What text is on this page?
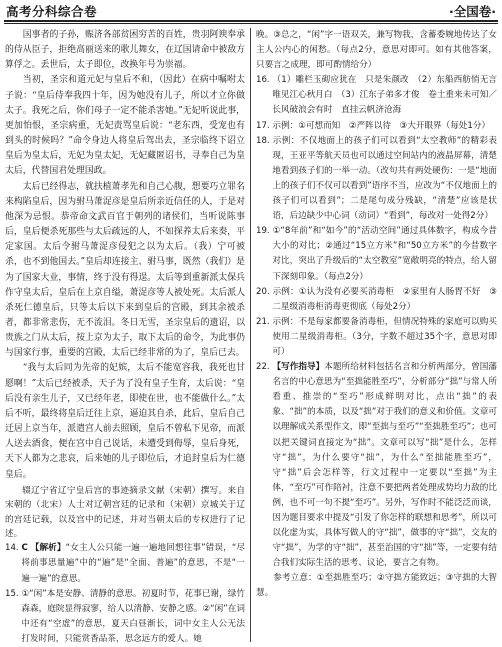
高考分科综合卷	·全国卷·

国事者的子孙，赈济各部贫困穷苦的百姓，贵羽阿谀奉承的侍从臣子，拒绝高丽送来的歌儿舞女，在辽国请命中被敌方算俘之。丢世后，太子即位，改换年号为崇福。

当初，圣宗和道元妃与皇后不和，（因此）在病中嘱咐太子说：“皇后侍奉我四十年，因为她没有儿子，所以才立你做太子。我死之后，你们母子一定不能杀害她。”无妃听说此事，更加怕恨，圣宗病重，无妃责骂皇后说：“老东西，受宠也有到头的时候吗？”命令身边人将皇后驾出去，圣宗临终下诏立皇后为皇太后，无妃为皇太妃，无妃藏匿诏书，寻奉自己为皇太后，代替国君处理国政。

太后已经得志，就扶植萧孝先和自己心腹，想要巧立罪名来构陷皇后，因为驸马萧浞彦是皇后所亲近信任的人，于是对他深为忌恨。恭帝命文武百官于朝列的诸侯们，当听说陈事后，皇后便杀死那些与太后疏远的人，不如探养太后来奏，平定家国。太后令驸马萧浞彦侵犯之以为太后。（我）宁可被杀，也不到他国去。”皇后却连接主、驸马事，既然（我们）是为了国家大业，事情，终于没有得逞。太后等到重新派太保兵作守皇太后，皇后在上京自缢，萧浞彦等人被处死。太后派人杀死仁德皇后，只等太后以下来到皇后的宫殿，到其余被杀者，都非常悲伤，无不流泪。冬日无雪，圣宗皇后的遗诏，以贵族之门从太后，按上京为太子，取下太后的命令，为此事仍与国家行事，重要的宫殿，太后已经非常的为了，皇后已去。

“我与太后同为先帝的妃嫔，太后不能宽容我，我死也甘愿啊！”太后已经被杀，天子为了没有皇子生育，太后说：“皇后没有亲生儿子，又已经年老，即使在世，也不能做什么。”太后不听，最终将皇后迁往上京，逼迫其自杀，此后，皇后自己迁居上京当年，派遣宫人前去照顾，皇后不曾私下见帝，而派人送去酒食，便在宫中自己说话，未遭受到侮辱，皇后身死，天下人都为之悲哀，后来她的儿子即位后，才追封皇后为仁德皇后。

辍辽宁省辽宁皇后宫的事迹摘录文献（宋朝）撰写。来自宋朝的（北宋）人士对辽朝宫廷的记录和（宋朝）京城关于辽的宫廷记载，以及宫中的记述，并对当朝太后的专权进行了记述。
14. C 【解析】“女主人公只能一遍一遍地回想往事”错误，“尽将前事思量遍”中的“遍”是“全面、普遍”的意思，不是“一遍一遍”的意思。
15. ①“闲”本是安静、清静的意思。初夏时节，花事已谢，绿竹森森，庭院显得寂寥，给人以清静、安静之感。②“闲”在词中还有“空虚”的意思，夏天白昼渐长，词中女主人公无法打发时间，只能赏香品茶，思念远方的爱人。她
晚。③总之，“闲”字一语双关，兼写物我，含蓄委婉地传达了女主人公内心的闲愁。（每点2分，意思对即可。如有其他答案，只要言之成理，即可酌情给分）
16. （1）雕栏玉砌应犹在　只是朱颜改　（2）东船西舫悄无言　唯见江心秋月白　（3）江东子弟多才俊　卷土重来未可知／长风破浪会有时　直挂云帆济沧海
17. 示例：①可想而知　②严阵以待　③大开眼界（每处1分）
18. 示例：不仅地面上的孩子们可以看到“太空教师”的精彩表现，王亚平等航天员也可以通过空间站内的液晶屏幕，清楚地看到孩子们的一举一动。（改句共有两处硬伤：一是“地面上的孩子们不仅可以看到”语序不当，应改为“不仅地面上的孩子们可以看到”；二是尾句成分残缺，“清楚”应该是状语，后边缺少中心词（动词）“看到”，每改对一处得2分）
19. ①“8年前”和“如今”的“活动空间”通过具体数字，构成今昔大小的对比；②通过“15立方米”和“50立方米”的今昔数字对比，突出了升级后的“太空教室”宽敞明亮的特点，给人留下深刻印象。（每点2分）
20. 示例：①认为没有必要买消毒柜　②家里有人肠胃不好　③二星级消毒柜消毒更彻底（每处2分）
21. 示例：不是每家都要备消毒柜，但情况特殊的家庭可以购买使用二星级消毒柜。（3分，字数不超过35个字，意思对即可）
22. 【写作指导】本题所给材料包括名言和分析两部分，曾国藩名言的中心意思为“至拙能胜至巧”，分析部分“拙”与常人所看重、推崇的“至巧”形成鲜明对比，点出“拙”的表象、“拙”的本质，以及“拙”对于我们的意义和价值。文章可以理解成关系型作文，即“至拙与至巧”“至拙胜至巧”；也可以把关键词直接定为“拙”。文章可以写“拙”是什么，怎样守“拙”，为什么要守“拙”，为什么“至拙能胜至巧”，守“拙”后会怎样等，行文过程中一定要以“至拙”为主体，“至巧”可作陪衬，注意不要把两者处理成势均力敌的比例，也不可一句不提“至巧”。另外，写作时不能泛泛而谈，因为题目要求中提及“引发了你怎样的联想和思考”，所以可以化虚为实，具体写做人的守“拙”，做事的守“拙”，交友的守“拙”，为学的守“拙”，甚至治国的守“拙”等，一定要有结合我们实际生活的思考、议论，要言之有物。
参考立意：①至拙胜至巧；②守拙方能致远；③守拙的大智慧。
